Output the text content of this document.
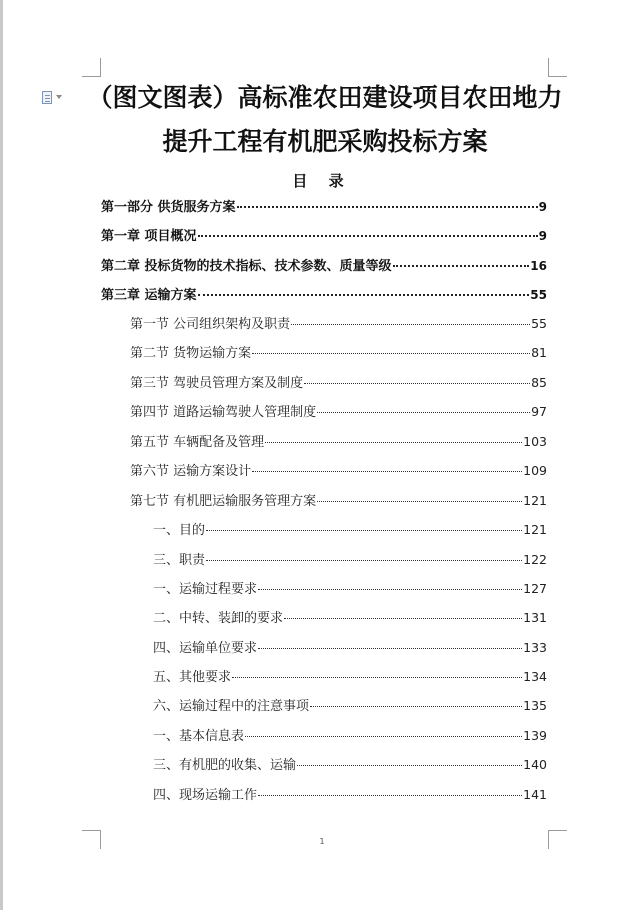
（图文图表）高标准农田建设项目农田地力
提升工程有机肥采购投标方案
目 录
第一部分 供货服务方案	9
第一章 项目概况	9
第二章 投标货物的技术指标、技术参数、质量等级	16
第三章 运输方案	55
第一节 公司组织架构及职责	55
第二节 货物运输方案	81
第三节 驾驶员管理方案及制度	85
第四节 道路运输驾驶人管理制度	97
第五节 车辆配备及管理	103
第六节 运输方案设计	109
第七节 有机肥运输服务管理方案	121
一、目的	121
三、职责	122
一、运输过程要求	127
二、中转、装卸的要求	131
四、运输单位要求	133
五、其他要求	134
六、运输过程中的注意事项	135
一、基本信息表	139
三、有机肥的收集、运输	140
四、现场运输工作	141
1
